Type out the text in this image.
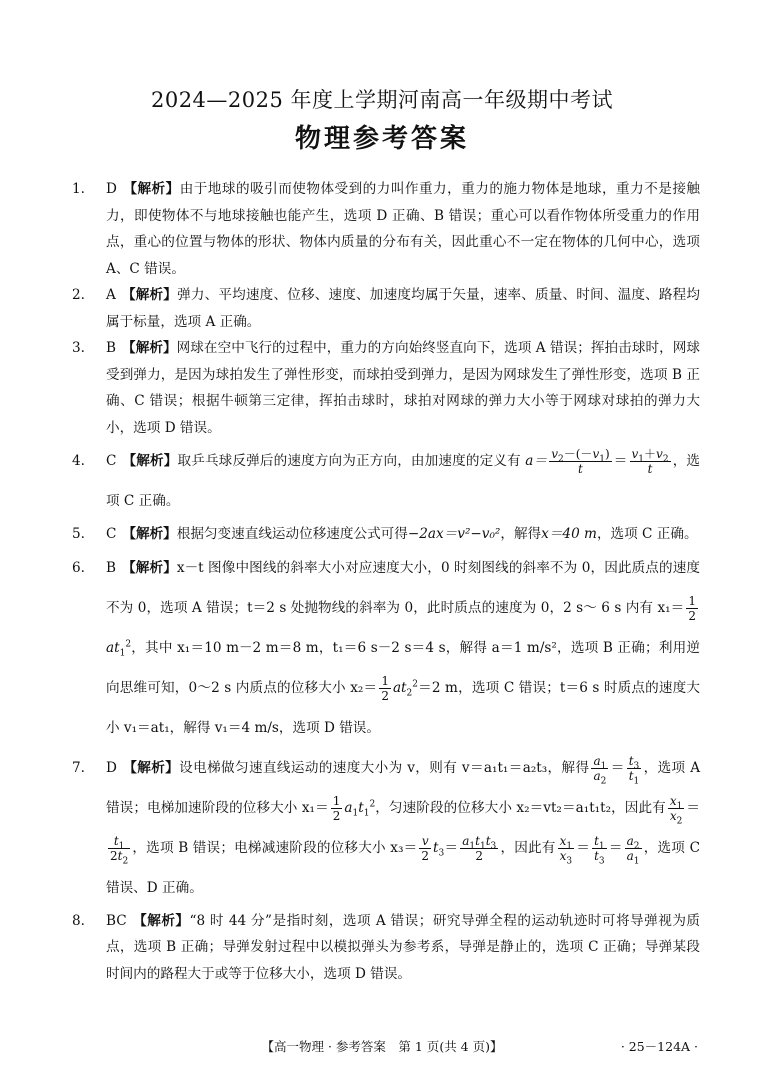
2024—2025 年度上学期河南高一年级期中考试
物理参考答案
1. D 【解析】由于地球的吸引而使物体受到的力叫作重力，重力的施力物体是地球，重力不是接触力，即使物体不与地球接触也能产生，选项 D 正确、B 错误；重心可以看作物体所受重力的作用点，重心的位置与物体的形状、物体内质量的分布有关，因此重心不一定在物体的几何中心，选项 A、C 错误。
2. A 【解析】弹力、平均速度、位移、速度、加速度均属于矢量，速率、质量、时间、温度、路程均属于标量，选项 A 正确。
3. B 【解析】网球在空中飞行的过程中，重力的方向始终竖直向下，选项 A 错误；挥拍击球时，网球受到弹力，是因为球拍发生了弹性形变，而球拍受到弹力，是因为网球发生了弹性形变，选项 B 正确、C 错误；根据牛顿第三定律，挥拍击球时，球拍对网球的弹力大小等于网球对球拍的弹力大小，选项 D 错误。
4. C 【解析】取乒乓球反弹后的速度方向为正方向，由加速度的定义有 $a= \frac{v_2-(-v_1)}{t} = \frac{v_1+v_2}{t}$ ，选项 C 正确。
5. C 【解析】根据匀变速直线运动位移速度公式可得−2ax＝v²−v₀²，解得x＝40 m，选项 C 正确。
6. B 【解析】x－t 图像中图线的斜率大小对应速度大小，0 时刻图线的斜率不为 0，因此质点的速度不为 0，选项 A 错误；t＝2 s 处抛物线的斜率为 0，此时质点的速度为 0，2 s～ 6 s 内有 $x_1= \frac{1}{2}$
$at_1^2$，其中 x₁＝10 m－2 m＝8 m，t₁＝6 s－2 s＝4 s，解得 a＝1 m/s²，选项 B 正确；利用逆向思维可知，0～2 s 内质点的位移大小 $x_2= \frac{1}{2} at_2^2=2$ m，选项 C 错误；t＝6 s 时质点的速度大小 v₁＝at₁，解得 v₁＝4 m/s，选项 D 错误。
7. D 【解析】设电梯做匀速直线运动的速度大小为 v，则有 v＝a₁t₁＝a₂t₃，解得 $\frac{a_1}{a_2} = \frac{t_3}{t_1}$ ，选项 A 错误；电梯加速阶段的位移大小 $x_1= \frac{1}{2} a_1t_1^2$，匀速阶段的位移大小 x₂＝vt₂＝a₁t₁t₂，因此有 $\frac{x_1}{x_2}$ ＝
$\frac{t_1}{2t_2}$ ，选项 B 错误；电梯减速阶段的位移大小 $x_3= \frac{v}{2} t_3= \frac{a_1t_1t_3}{2}$ ，因此有 $\frac{x_1}{x_3} = \frac{t_1}{t_3} = \frac{a_2}{a_1}$ ，选项 C 错误、D 正确。
8. BC 【解析】“8 时 44 分”是指时刻，选项 A 错误；研究导弹全程的运动轨迹时可将导弹视为质点，选项 B 正确；导弹发射过程中以模拟弹头为参考系，导弹是静止的，选项 C 正确；导弹某段时间内的路程大于或等于位移大小，选项 D 错误。
【高一物理 · 参考答案　第 1 页(共 4 页)】	· 25－124A ·
